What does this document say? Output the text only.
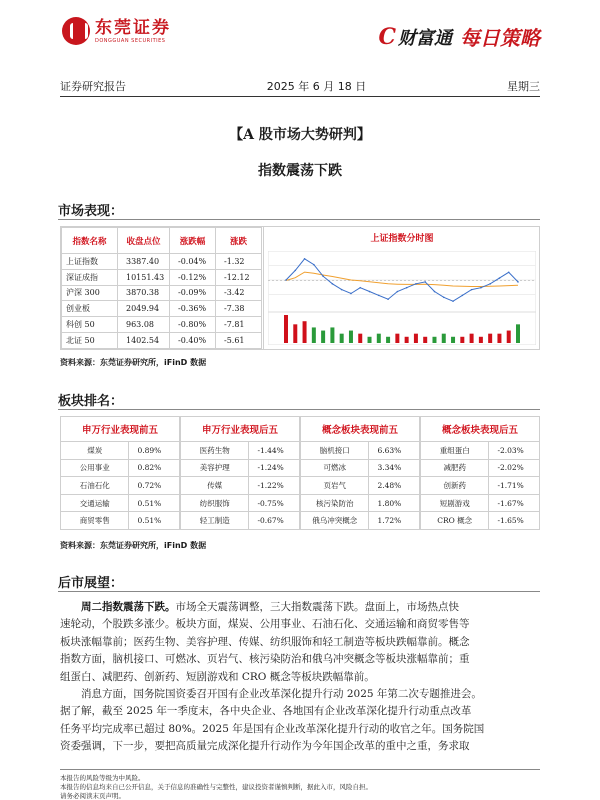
东莞证券
DONGGUAN SECURITIES	C 财富通 每日策略
证券研究报告	2025 年 6 月 18 日	星期三
【A 股市场大势研判】
指数震荡下跌
市场表现：
指数名称	收盘点位	涨跌幅	涨跌
上证指数	3387.40	-0.04%	-1.32
深证成指	10151.43	-0.12%	-12.12
沪深 300	3870.38	-0.09%	-3.42
创业板	2049.94	-0.36%	-7.38
科创 50	963.08	-0.80%	-7.81
北证 50	1402.54	-0.40%	-5.61
上证指数分时图
资料来源：东莞证券研究所，iFinD 数据
板块排名：
申万行业表现前五
煤炭	0.89%
公用事业	0.82%
石油石化	0.72%
交通运输	0.51%
商贸零售	0.51%
申万行业表现后五
医药生物	-1.44%
美容护理	-1.24%
传媒	-1.22%
纺织服饰	-0.75%
轻工制造	-0.67%
概念板块表现前五
脑机接口	6.63%
可燃冰	3.34%
页岩气	2.48%
核污染防治	1.80%
俄乌冲突概念	1.72%
概念板块表现后五
重组蛋白	-2.03%
减肥药	-2.02%
创新药	-1.71%
短剧游戏	-1.67%
CRO 概念	-1.65%
资料来源：东莞证券研究所，iFinD 数据
后市展望：
周二指数震荡下跌。市场全天震荡调整，三大指数震荡下跌。盘面上，市场热点快
速轮动，个股跌多涨少。板块方面，煤炭、公用事业、石油石化、交通运输和商贸零售等
板块涨幅靠前；医药生物、美容护理、传媒、纺织服饰和轻工制造等板块跌幅靠前。概念
指数方面，脑机接口、可燃冰、页岩气、核污染防治和俄乌冲突概念等板块涨幅靠前；重
组蛋白、减肥药、创新药、短剧游戏和 CRO 概念等板块跌幅靠前。
消息方面，国务院国资委召开国有企业改革深化提升行动 2025 年第二次专题推进会。
据了解，截至 2025 年一季度末，各中央企业、各地国有企业改革深化提升行动重点改革
任务平均完成率已超过 80%。2025 年是国有企业改革深化提升行动的收官之年。国务院国
资委强调，下一步，要把高质量完成深化提升行动作为今年国企改革的重中之重，务求取
本报告的风险等级为中风险。
本报告的信息均来自已公开信息，关于信息的准确性与完整性，建议投资者谨慎判断，据此入市，风险自担。
请务必阅读末页声明。
